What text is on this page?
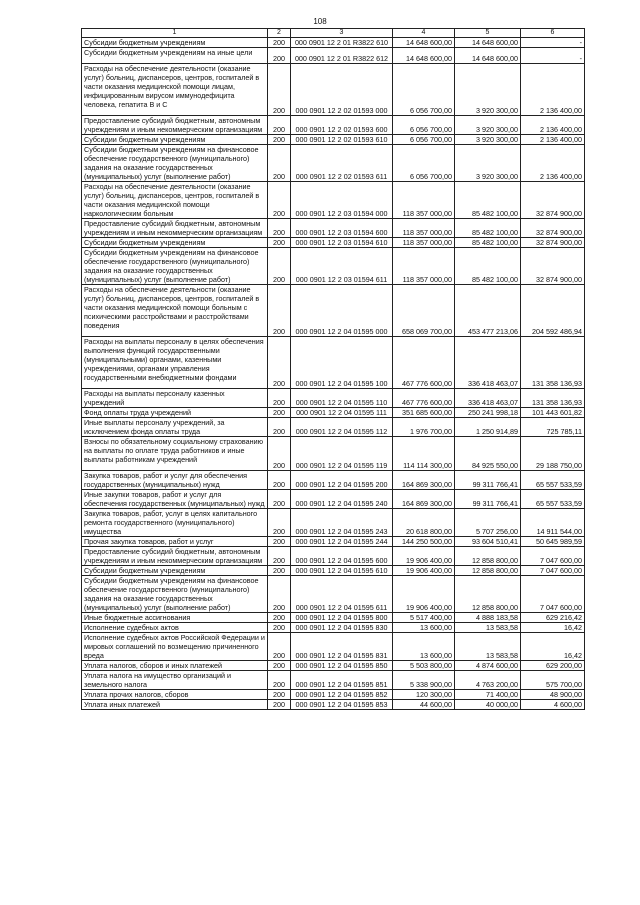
108
1	2	3	4	5	6
Субсидии бюджетным учреждениям	200	000 0901 12 2 01 R3822 610	14 648 600,00	14 648 600,00	-
Субсидии бюджетным учреждениям на иные цели	200	000 0901 12 2 01 R3822 612	14 648 600,00	14 648 600,00	-
Расходы на обеспечение деятельности (оказание услуг) больниц, диспансеров, центров, госпиталей в части оказания медицинской помощи лицам, инфицированным вирусом иммунодефицита человека, гепатита В и С	200	000 0901 12 2 02 01593 000	6 056 700,00	3 920 300,00	2 136 400,00
Предоставление субсидий бюджетным, автономным учреждениям и иным некоммерческим организациям	200	000 0901 12 2 02 01593 600	6 056 700,00	3 920 300,00	2 136 400,00
Субсидии бюджетным учреждениям	200	000 0901 12 2 02 01593 610	6 056 700,00	3 920 300,00	2 136 400,00
Субсидии бюджетным учреждениям на финансовое обеспечение государственного (муниципального) задания на оказание государственных (муниципальных) услуг (выполнение работ)	200	000 0901 12 2 02 01593 611	6 056 700,00	3 920 300,00	2 136 400,00
Расходы на обеспечение деятельности (оказание услуг) больниц, диспансеров, центров, госпиталей в части оказания медицинской помощи наркологическим больным	200	000 0901 12 2 03 01594 000	118 357 000,00	85 482 100,00	32 874 900,00
Предоставление субсидий бюджетным, автономным учреждениям и иным некоммерческим организациям	200	000 0901 12 2 03 01594 600	118 357 000,00	85 482 100,00	32 874 900,00
Субсидии бюджетным учреждениям	200	000 0901 12 2 03 01594 610	118 357 000,00	85 482 100,00	32 874 900,00
Субсидии бюджетным учреждениям на финансовое обеспечение государственного (муниципального) задания на оказание государственных (муниципальных) услуг (выполнение работ)	200	000 0901 12 2 03 01594 611	118 357 000,00	85 482 100,00	32 874 900,00
Расходы на обеспечение деятельности (оказание услуг) больниц, диспансеров, центров, госпиталей в части оказания медицинской помощи больным с психическими расстройствами и расстройствами поведения	200	000 0901 12 2 04 01595 000	658 069 700,00	453 477 213,06	204 592 486,94
Расходы на выплаты персоналу в целях обеспечения выполнения функций государственными (муниципальными) органами, казенными учреждениями, органами управления государственными внебюджетными фондами	200	000 0901 12 2 04 01595 100	467 776 600,00	336 418 463,07	131 358 136,93
Расходы на выплаты персоналу казенных учреждений	200	000 0901 12 2 04 01595 110	467 776 600,00	336 418 463,07	131 358 136,93
Фонд оплаты труда учреждений	200	000 0901 12 2 04 01595 111	351 685 600,00	250 241 998,18	101 443 601,82
Иные выплаты персоналу учреждений, за исключением фонда оплаты труда	200	000 0901 12 2 04 01595 112	1 976 700,00	1 250 914,89	725 785,11
Взносы по обязательному социальному страхованию на выплаты по оплате труда работников и иные выплаты работникам учреждений	200	000 0901 12 2 04 01595 119	114 114 300,00	84 925 550,00	29 188 750,00
Закупка товаров, работ и услуг для обеспечения государственных (муниципальных) нужд	200	000 0901 12 2 04 01595 200	164 869 300,00	99 311 766,41	65 557 533,59
Иные закупки товаров, работ и услуг для обеспечения государственных (муниципальных) нужд	200	000 0901 12 2 04 01595 240	164 869 300,00	99 311 766,41	65 557 533,59
Закупка товаров, работ, услуг в целях капитального ремонта государственного (муниципального) имущества	200	000 0901 12 2 04 01595 243	20 618 800,00	5 707 256,00	14 911 544,00
Прочая закупка товаров, работ и услуг	200	000 0901 12 2 04 01595 244	144 250 500,00	93 604 510,41	50 645 989,59
Предоставление субсидий бюджетным, автономным учреждениям и иным некоммерческим организациям	200	000 0901 12 2 04 01595 600	19 906 400,00	12 858 800,00	7 047 600,00
Субсидии бюджетным учреждениям	200	000 0901 12 2 04 01595 610	19 906 400,00	12 858 800,00	7 047 600,00
Субсидии бюджетным учреждениям на финансовое обеспечение государственного (муниципального) задания на оказание государственных (муниципальных) услуг (выполнение работ)	200	000 0901 12 2 04 01595 611	19 906 400,00	12 858 800,00	7 047 600,00
Иные бюджетные ассигнования	200	000 0901 12 2 04 01595 800	5 517 400,00	4 888 183,58	629 216,42
Исполнение судебных актов	200	000 0901 12 2 04 01595 830	13 600,00	13 583,58	16,42
Исполнение судебных актов Российской Федерации и мировых соглашений по возмещению причиненного вреда	200	000 0901 12 2 04 01595 831	13 600,00	13 583,58	16,42
Уплата налогов, сборов и иных платежей	200	000 0901 12 2 04 01595 850	5 503 800,00	4 874 600,00	629 200,00
Уплата налога на имущество организаций и земельного налога	200	000 0901 12 2 04 01595 851	5 338 900,00	4 763 200,00	575 700,00
Уплата прочих налогов, сборов	200	000 0901 12 2 04 01595 852	120 300,00	71 400,00	48 900,00
Уплата иных платежей	200	000 0901 12 2 04 01595 853	44 600,00	40 000,00	4 600,00
